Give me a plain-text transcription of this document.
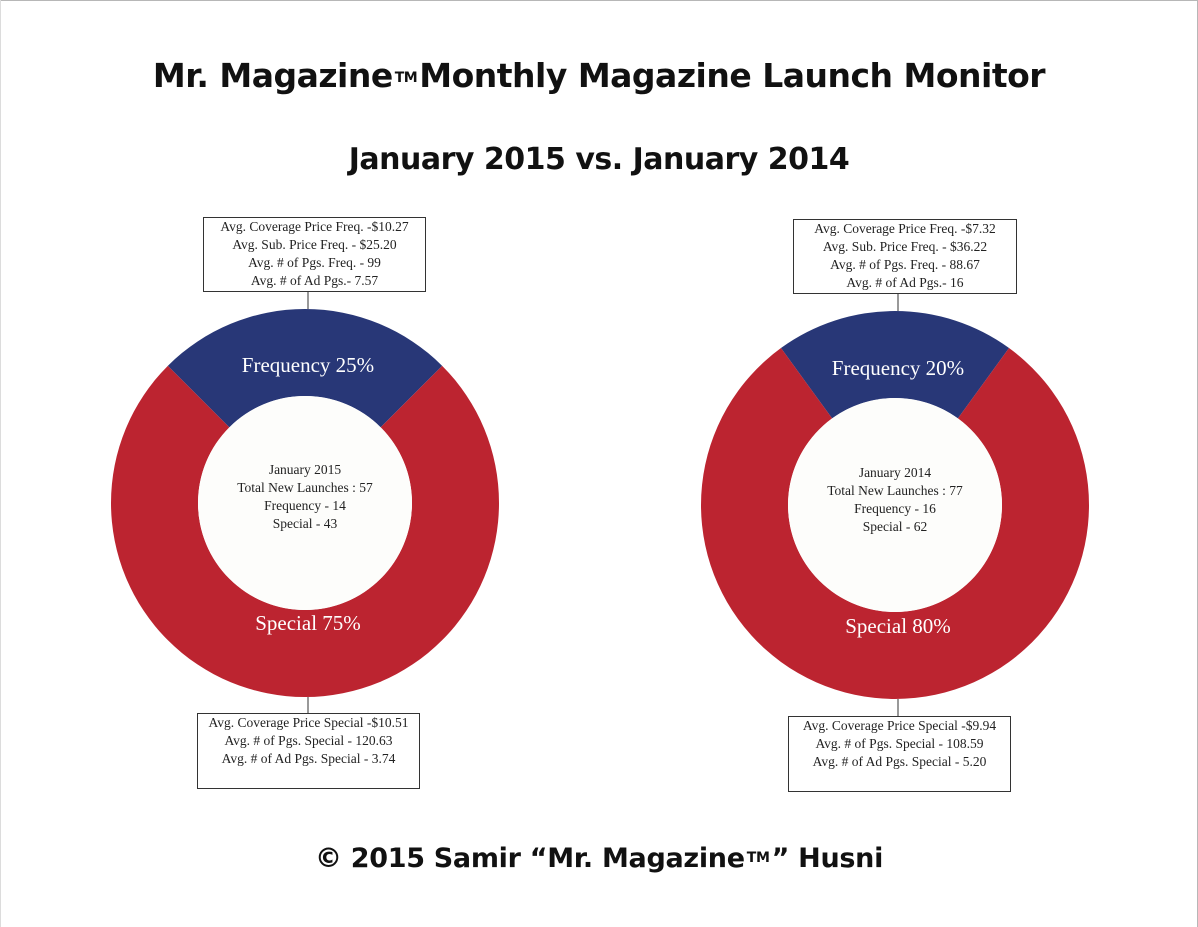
Mr. Magazine TMMonthly Magazine Launch Monitor
January 2015 vs. January 2014
Frequency 25%
Special 75%
January 2015
Total New Launches : 57
Frequency - 14
Special - 43
Frequency 20%
Special 80%
January 2014
Total New Launches : 77
Frequency - 16
Special - 62
Avg. Coverage Price Freq. -$10.27
Avg. Sub. Price Freq. - $25.20
Avg. # of Pgs. Freq. - 99
Avg. # of Ad Pgs.- 7.57
Avg. Coverage Price Special -$10.51
Avg. # of Pgs. Special - 120.63
Avg. # of Ad Pgs. Special - 3.74
Avg. Coverage Price Freq. -$7.32
Avg. Sub. Price Freq. - $36.22
Avg. # of Pgs. Freq. - 88.67
Avg. # of Ad Pgs.- 16
Avg. Coverage Price Special -$9.94
Avg. # of Pgs. Special - 108.59
Avg. # of Ad Pgs. Special - 5.20
© 2015 Samir “Mr. Magazine TM” Husni
